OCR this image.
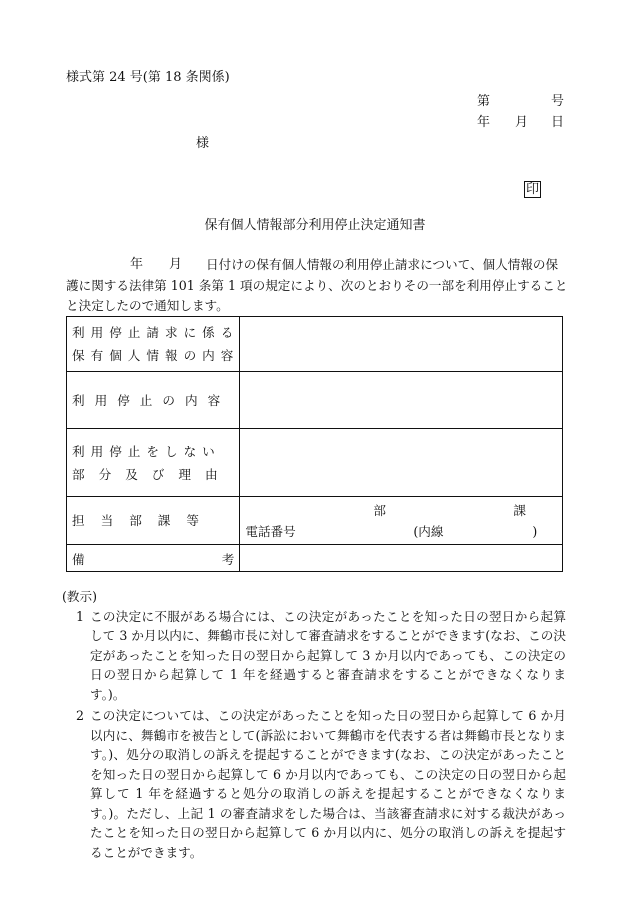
様式第 24 号(第 18 条関係)
第	号
年 月 日
様
印
保有個人情報部分利用停止決定通知書
年 月 日付けの保有個人情報の利用停止請求について、個人情報の保
護に関する法律第 101 条第 1 項の規定により、次のとおりその一部を利用停止すること
と決定したので通知します。
利用停止請求に係る
保有個人情報の内容	

利用停止の内容	

利用停止をしない
部分及び理由	

担当部課等	部 課
電話番号 (内線 )

備 考	

(教示)
1 この決定に不服がある場合には、この決定があったことを知った日の翌日から起算して 3 か月以内に、舞鶴市長に対して審査請求をすることができます(なお、この決定があったことを知った日の翌日から起算して 3 か月以内であっても、この決定の日の翌日から起算して 1 年を経過すると審査請求をすることができなくなります。)。
2 この決定については、この決定があったことを知った日の翌日から起算して 6 か月以内に、舞鶴市を被告として(訴訟において舞鶴市を代表する者は舞鶴市長となります。)、処分の取消しの訴えを提起することができます(なお、この決定があったことを知った日の翌日から起算して 6 か月以内であっても、この決定の日の翌日から起算して 1 年を経過すると処分の取消しの訴えを提起することができなくなります。)。ただし、上記 1 の審査請求をした場合は、当該審査請求に対する裁決があったことを知った日の翌日から起算して 6 か月以内に、処分の取消しの訴えを提起することができます。
